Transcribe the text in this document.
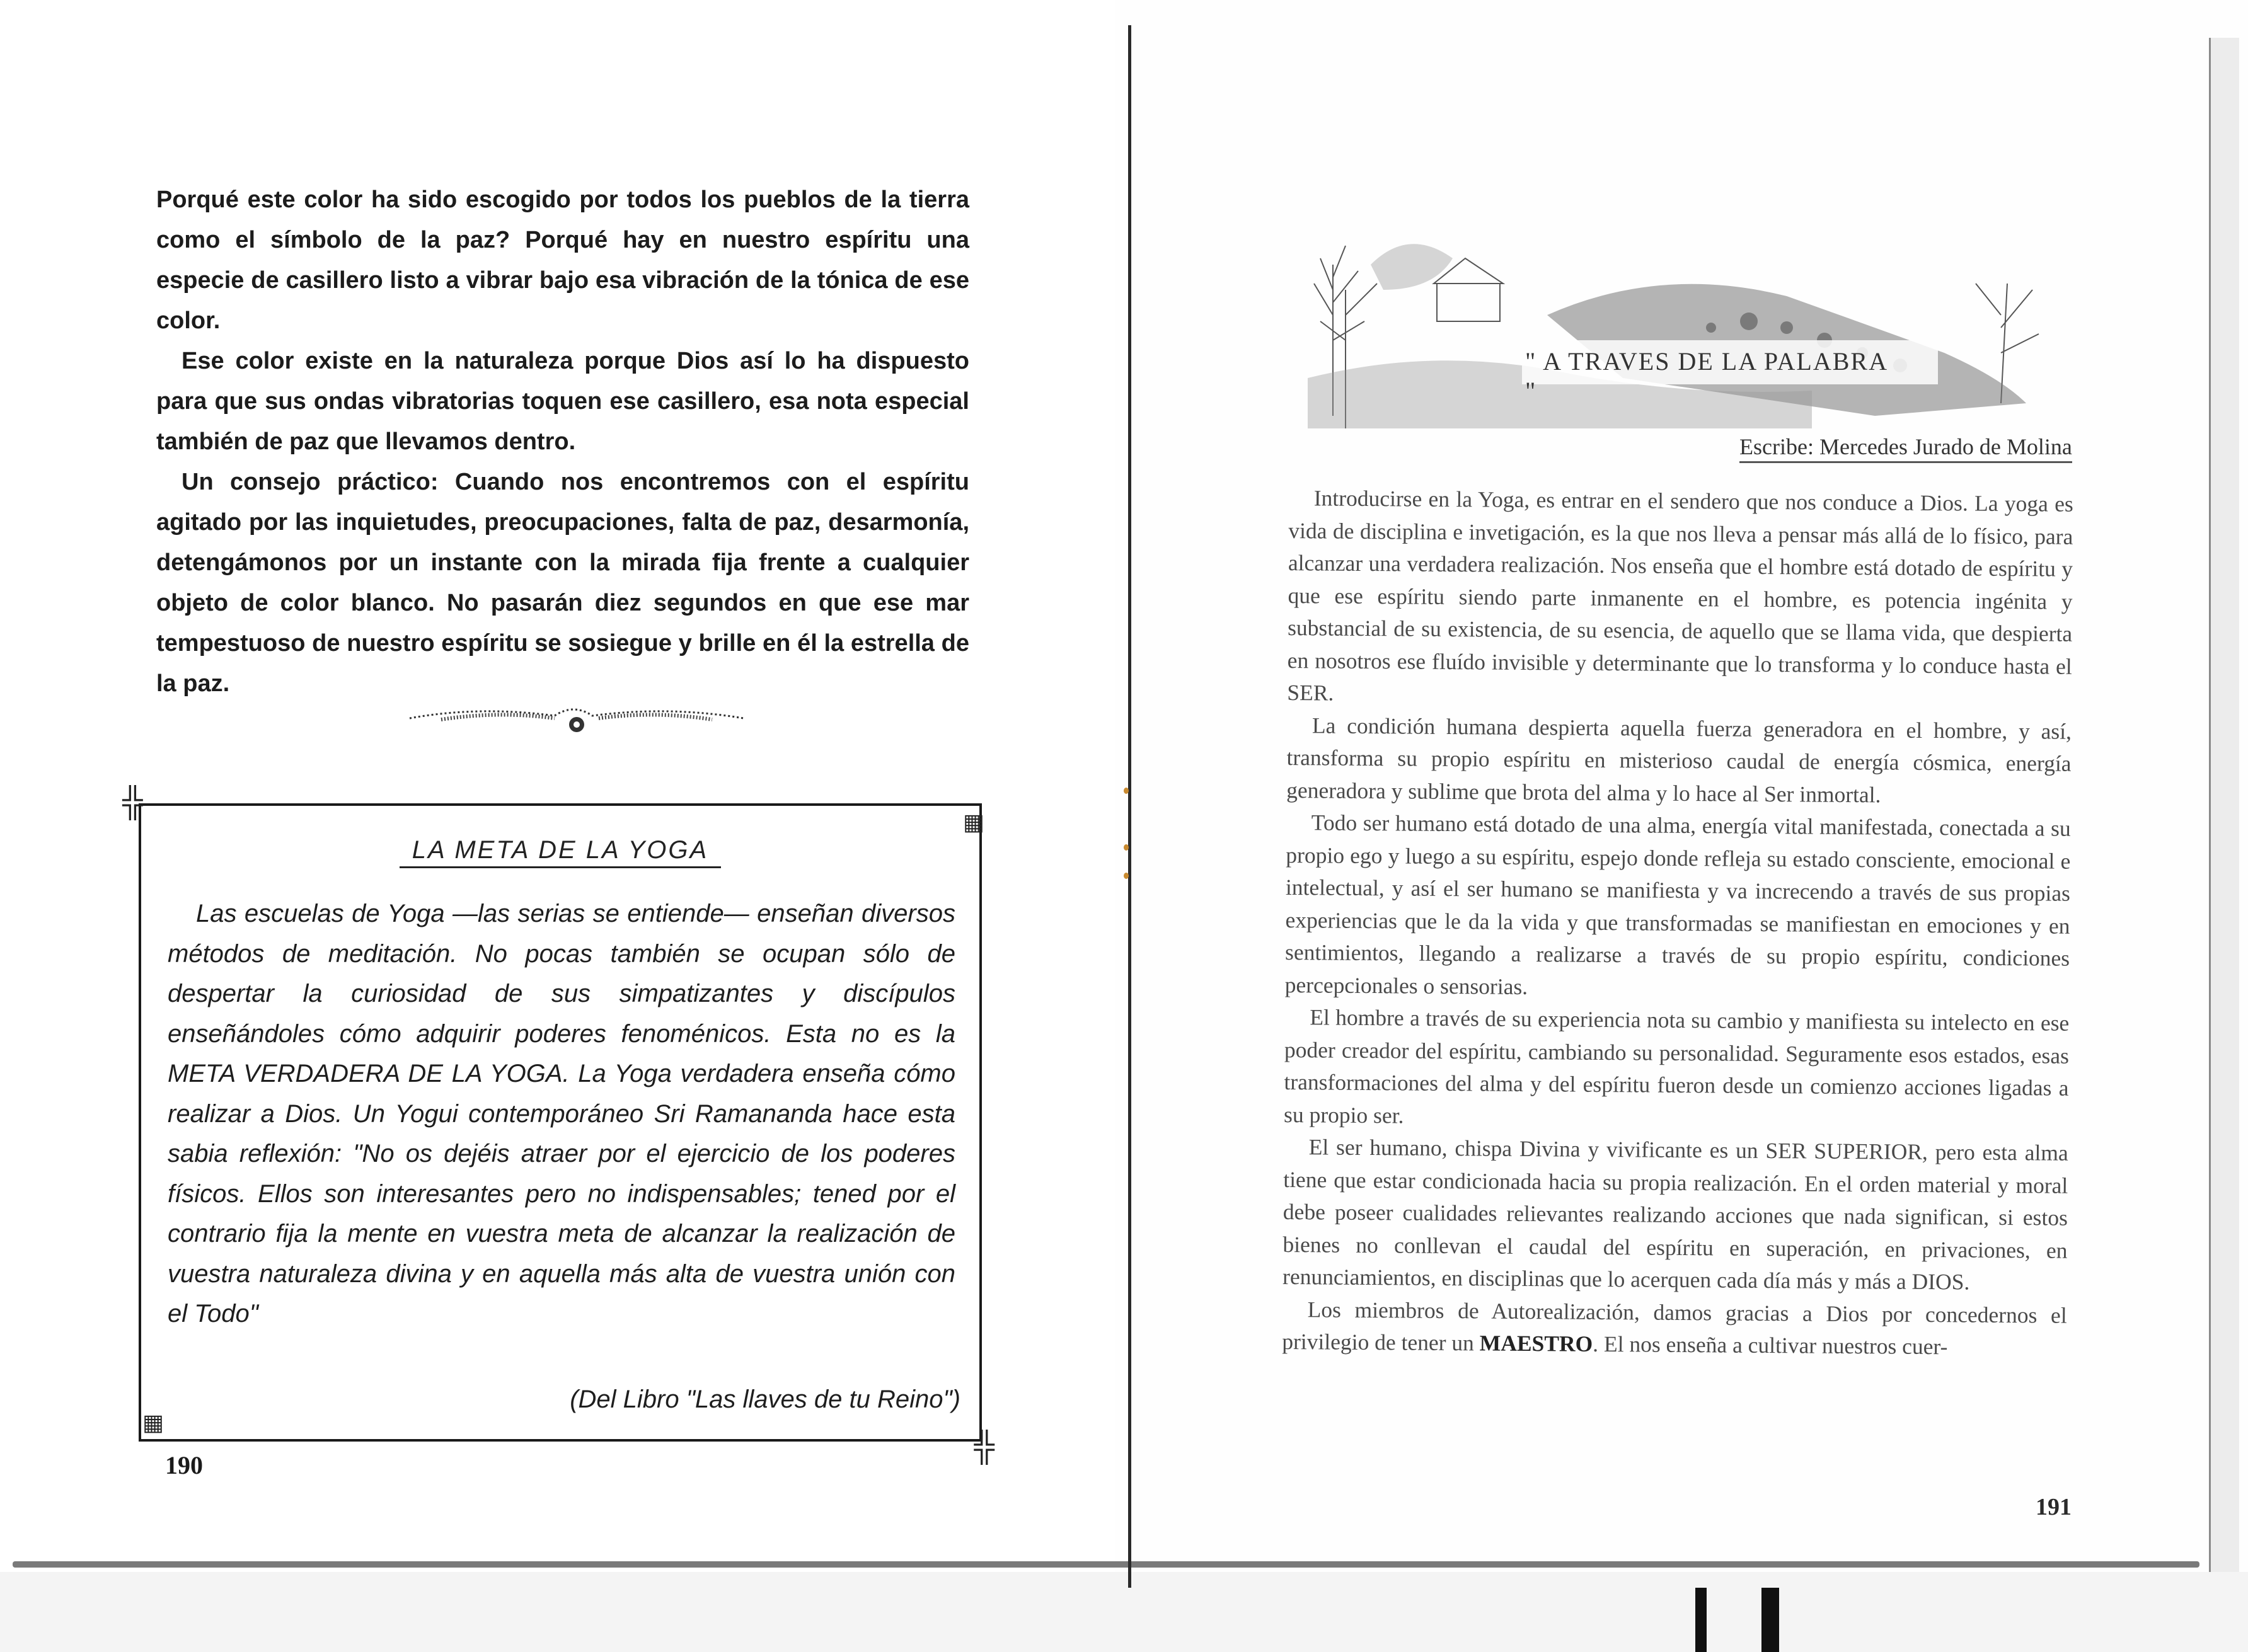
Porqué este color ha sido escogido por todos los pueblos de la tierra como el símbolo de la paz? Porqué hay en nuestro espíritu una especie de casillero listo a vibrar bajo esa vibración de la tónica de ese color.

Ese color existe en la naturaleza porque Dios así lo ha dispuesto para que sus ondas vibratorias toquen ese casillero, esa nota especial también de paz que llevamos dentro.

Un consejo práctico: Cuando nos encontremos con el espíritu agitado por las inquietudes, preocupaciones, falta de paz, desarmonía, detengámonos por un instante con la mirada fija frente a cualquier objeto de color blanco. No pasarán diez segundos en que ese mar tempestuoso de nuestro espíritu se sosiegue y brille en él la estrella de la paz.

╬
▦
▦
╬
LA META DE LA YOGA

Las escuelas de Yoga —las serias se entiende— enseñan diversos métodos de meditación. No pocas también se ocupan sólo de despertar la curiosidad de sus simpatizantes y discípulos enseñándoles cómo adquirir poderes fenoménicos. Esta no es la META VERDADERA DE LA YOGA. La Yoga verdadera enseña cómo realizar a Dios. Un Yogui contemporáneo Sri Ramananda hace esta sabia reflexión: "No os dejéis atraer por el ejercicio de los poderes físicos. Ellos son interesantes pero no indispensables; tened por el contrario fija la mente en vuestra meta de alcanzar la realización de vuestra naturaleza divina y en aquella más alta de vuestra unión con el Todo"

(Del Libro "Las llaves de tu Reino")
190
" A TRAVES DE LA PALABRA "
Escribe: Mercedes Jurado de Molina

Introducirse en la Yoga, es entrar en el sendero que nos conduce a Dios. La yoga es vida de disciplina e invetigación, es la que nos lleva a pensar más allá de lo físico, para alcanzar una verdadera realización. Nos enseña que el hombre está dotado de espíritu y que ese espíritu siendo parte inmanente en el hombre, es potencia ingénita y substancial de su existencia, de su esencia, de aquello que se llama vida, que despierta en nosotros ese fluído invisible y determinante que lo transforma y lo conduce hasta el SER.

La condición humana despierta aquella fuerza generadora en el hombre, y así, transforma su propio espíritu en misterioso caudal de energía cósmica, energía generadora y sublime que brota del alma y lo hace al Ser inmortal.

Todo ser humano está dotado de una alma, energía vital manifestada, conectada a su propio ego y luego a su espíritu, espejo donde refleja su estado consciente, emocional e intelectual, y así el ser humano se manifiesta y va increcendo a través de sus propias experiencias que le da la vida y que transformadas se manifiestan en emociones y en sentimientos, llegando a realizarse a través de su propio espíritu, condiciones percepcionales o sensorias.

El hombre a través de su experiencia nota su cambio y manifiesta su intelecto en ese poder creador del espíritu, cambiando su personalidad. Seguramente esos estados, esas transformaciones del alma y del espíritu fueron desde un comienzo acciones ligadas a su propio ser.

El ser humano, chispa Divina y vivificante es un SER SUPERIOR, pero esta alma tiene que estar condicionada hacia su propia realización. En el orden material y moral debe poseer cualidades relievantes realizando acciones que nada significan, si estos bienes no conllevan el caudal del espíritu en superación, en privaciones, en renunciamientos, en disciplinas que lo acerquen cada día más y más a DIOS.

Los miembros de Autorealización, damos gracias a Dios por concedernos el privilegio de tener un MAESTRO. El nos enseña a cultivar nuestros cuer-

191
